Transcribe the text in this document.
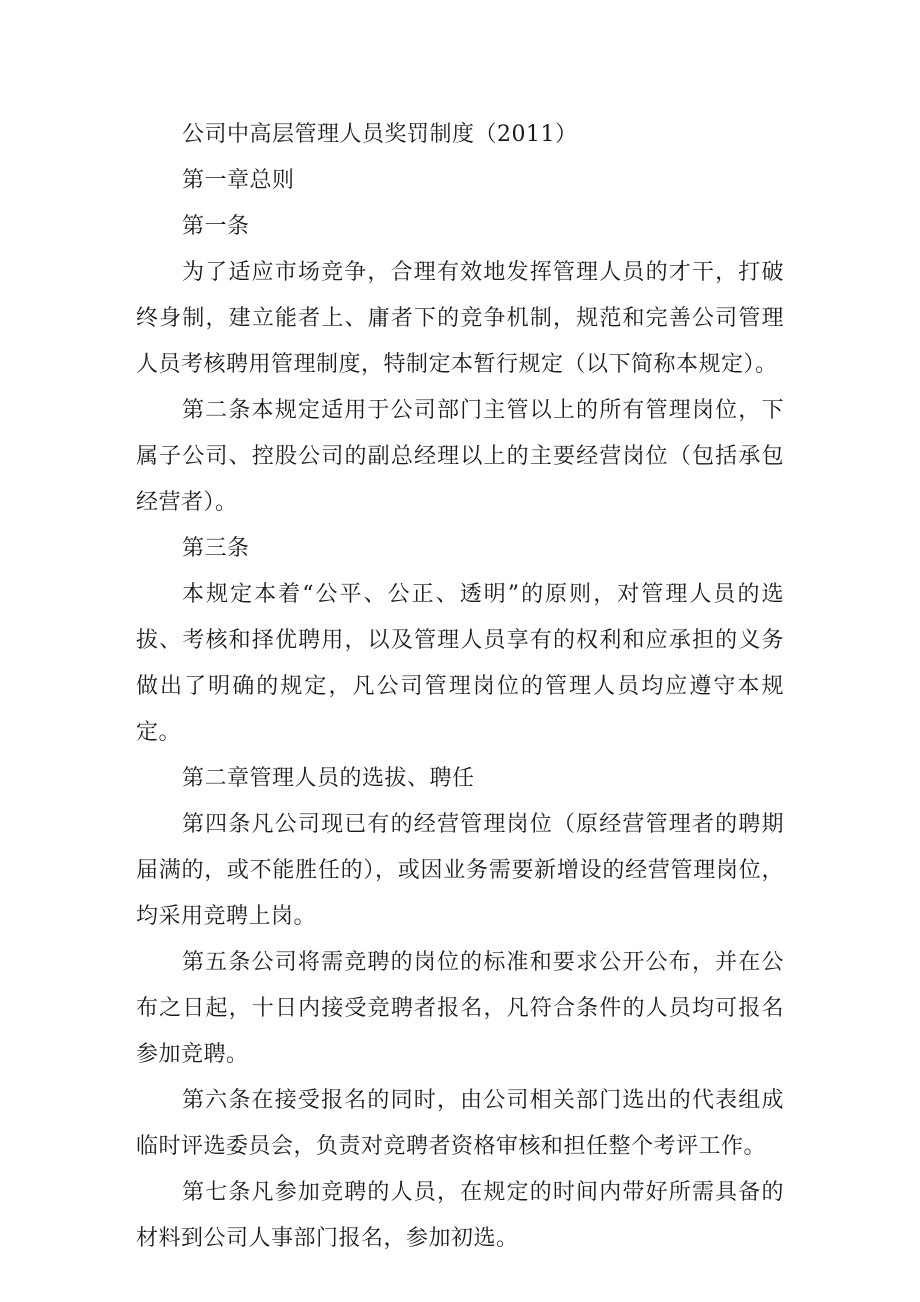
公司中高层管理人员奖罚制度（2011）

第一章总则

第一条

为了适应市场竞争，合理有效地发挥管理人员的才干，打破终身制，建立能者上、庸者下的竞争机制，规范和完善公司管理人员考核聘用管理制度，特制定本暂行规定（以下简称本规定）。

第二条本规定适用于公司部门主管以上的所有管理岗位，下属子公司、控股公司的副总经理以上的主要经营岗位（包括承包经营者）。

第三条

本规定本着“公平、公正、透明”的原则，对管理人员的选拔、考核和择优聘用，以及管理人员享有的权利和应承担的义务做出了明确的规定，凡公司管理岗位的管理人员均应遵守本规定。

第二章管理人员的选拔、聘任

第四条凡公司现已有的经营管理岗位（原经营管理者的聘期届满的，或不能胜任的），或因业务需要新增设的经营管理岗位，均采用竞聘上岗。

第五条公司将需竞聘的岗位的标准和要求公开公布，并在公布之日起，十日内接受竞聘者报名，凡符合条件的人员均可报名参加竞聘。

第六条在接受报名的同时，由公司相关部门选出的代表组成临时评选委员会，负责对竞聘者资格审核和担任整个考评工作。

第七条凡参加竞聘的人员，在规定的时间内带好所需具备的材料到公司人事部门报名，参加初选。
